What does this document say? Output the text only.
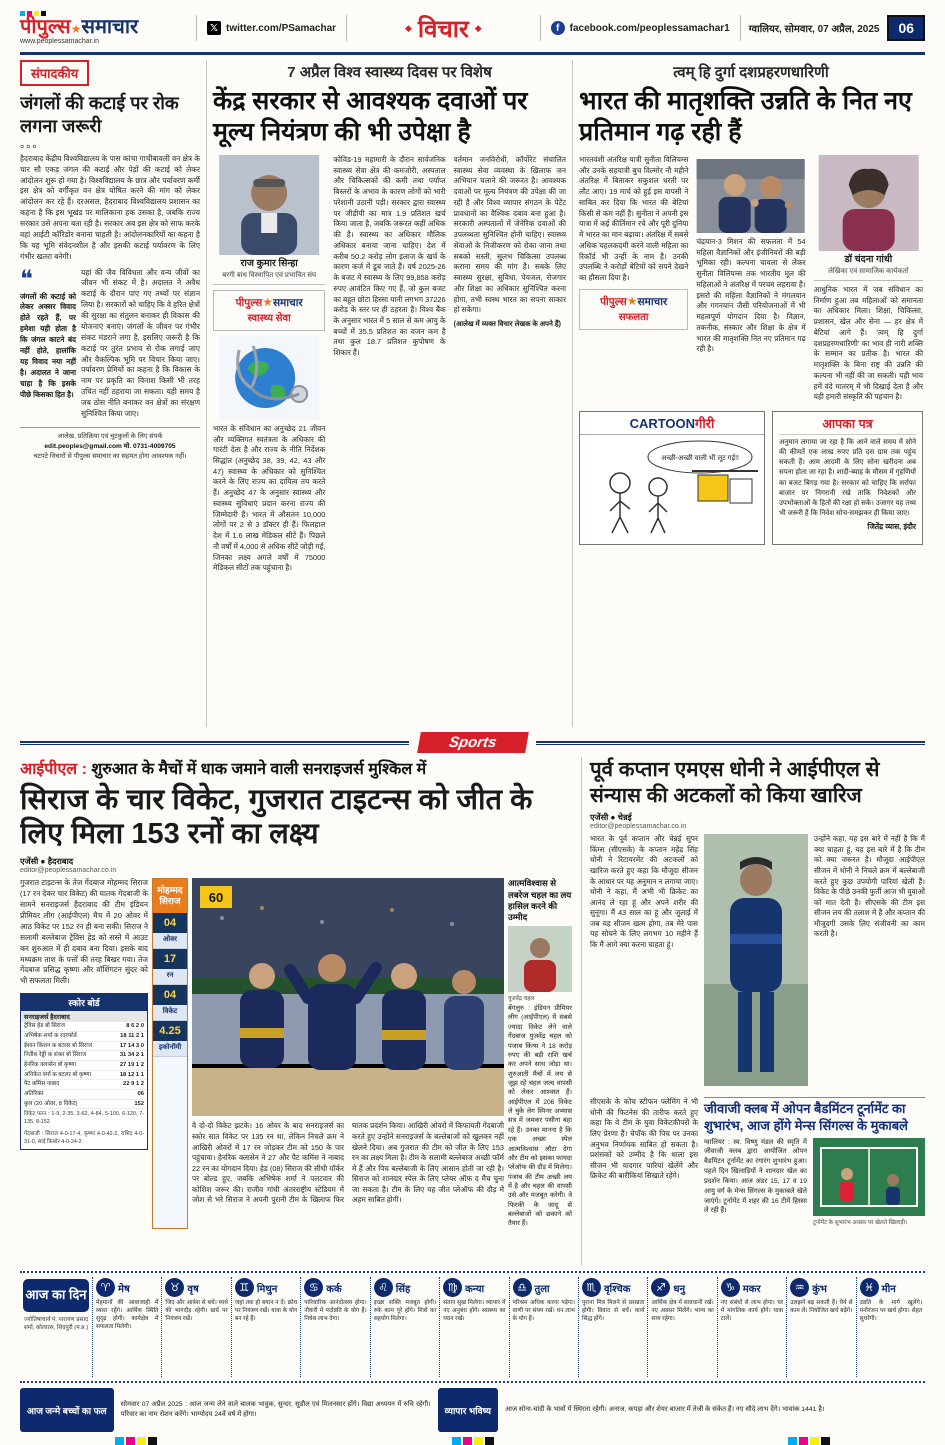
पीपुल्स★समाचार
www.peoplessamachar.in
𝕏 twitter.com/PSamachar	◆ विचार ◆	f	facebook.com/peoplessamachar1 ग्वालियर, सोमवार, 07 अप्रैल, 2025	06
संपादकीय
जंगलों की कटाई पर रोक लगना जरूरी
०००
हैदराबाद केंद्रीय विश्वविद्यालय के पास कांचा गाचीबावली वन क्षेत्र के चार सौ एकड़ जंगल की कटाई और पेड़ों की कटाई को लेकर आंदोलन शुरू हो गया है। विश्वविद्यालय के छात्र और पर्यावरण कर्मी इस क्षेत्र को वर्गीकृत वन क्षेत्र घोषित करने की मांग को लेकर आंदोलन कर रहे हैं। दरअसल, हैदराबाद विश्वविद्यालय प्रशासन का कहना है कि इस भूखंड पर मालिकाना हक उसका है, जबकि राज्य सरकार उसे अपना बता रही है। सरकार अब इस क्षेत्र को साफ करके वहां आईटी कॉरिडोर बनाना चाहती है। आंदोलनकारियों का कहना है कि यह भूमि संवेदनशील है और इसकी कटाई पर्यावरण के लिए गंभीर खतरा बनेगी।
❝
जंगलों की कटाई को लेकर अक्सर विवाद होते रहते हैं, पर हमेशा यही होता है कि जंगल काटने बंद नहीं होते, हालांकि यह विवाद नया नहीं है। अदालत ने जाना चाहा है कि इसके पीछे किसका हित है।
यहां की जैव विविधता और वन्य जीवों का जीवन भी संकट में है। अदालत ने अवैध कटाई के दौरान पाए गए तथ्यों पर संज्ञान लिया है। सरकारों को चाहिए कि वे हरित क्षेत्रों की सुरक्षा का संतुलन बनाकर ही विकास की योजनाएं बनाएं। जंगलों के जीवन पर गंभीर संकट मंडराने लगा है, इसलिए जरूरी है कि कटाई पर तुरंत प्रभाव से रोक लगाई जाए और वैकल्पिक भूमि पर विचार किया जाए। पर्यावरण प्रेमियों का कहना है कि विकास के नाम पर प्रकृति का विनाश किसी भी तरह उचित नहीं ठहराया जा सकता। यही समय है जब ठोस नीति बनाकर वन क्षेत्रों का संरक्षण सुनिश्चित किया जाए।
आलेख, प्रतिक्रिया एवं चुटकुलों के लिए संपर्क
edit.peoples@gmail.com मो. 0731-4009705
चटपटे विचारों से पीपुल्स समाचार का सहमत होना आवश्यक नहीं।
7 अप्रैल विश्व स्वास्थ्य दिवस पर विशेष
केंद्र सरकार से आवश्यक दवाओं पर मूल्य नियंत्रण की भी उपेक्षा है
राज कुमार सिन्हा
बरगी बांध विस्थापित एवं प्रभावित संघ
पीपुल्स★समाचार
स्वास्थ्य सेवा
भारत के संविधान का अनुच्छेद 21 जीवन और व्यक्तिगत स्वतंत्रता के अधिकार की गारंटी देता है और राज्य के नीति निर्देशक सिद्धांत (अनुच्छेद 38, 39, 42, 43 और 47) स्वास्थ्य के अधिकार को सुनिश्चित करने के लिए राज्य का दायित्व तय करते हैं। अनुच्छेद 47 के अनुसार स्वास्थ्य और स्वास्थ्य सुविधाएं प्रदान करना राज्य की जिम्मेदारी है। भारत में औसतन 10,000 लोगों पर 2 से 3 डॉक्टर ही हैं। फिलहाल देश में 1.6 लाख मेडिकल सीटें हैं। पिछले नौ वर्षों में 4,000 से अधिक सीटें जोड़ी गईं, जिनका लक्ष्य अगले वर्षों में 75000 मेडिकल सीटों तक पहुंचाना है।
कोविड-19 महामारी के दौरान सार्वजनिक स्वास्थ्य सेवा क्षेत्र की कमजोरी, अस्पताल और चिकित्सकों की कमी तथा पर्याप्त बिस्तरों के अभाव के कारण लोगों को भारी परेशानी उठानी पड़ी। सरकार द्वारा स्वास्थ्य पर जीडीपी का मात्र 1.9 प्रतिशत खर्च किया जाता है, जबकि जरूरत कहीं अधिक की है। स्वास्थ्य का अधिकार मौलिक अधिकार बनाया जाना चाहिए। देश में करीब 50.2 करोड़ लोग इलाज के खर्च के कारण कर्ज में डूब जाते हैं। वर्ष 2025-26 के बजट में स्वास्थ्य के लिए 99,858 करोड़ रुपए आवंटित किए गए हैं, जो कुल बजट का बहुत छोटा हिस्सा यानी लगभग 37226 करोड़ के स्तर पर ही ठहरता है। विश्व बैंक के अनुसार भारत में 5 साल से कम आयु के बच्चों में 35.5 प्रतिशत का वजन कम है तथा कुल 18.7 प्रतिशत कुपोषण के शिकार हैं।
वर्तमान जनविरोधी, कॉर्पोरेट संचालित स्वास्थ्य सेवा व्यवस्था के खिलाफ जन अभियान चलाने की जरूरत है। आवश्यक दवाओं पर मूल्य नियंत्रण की उपेक्षा की जा रही है और विश्व व्यापार संगठन के पेटेंट प्रावधानों का वैश्विक दबाव बना हुआ है। सरकारी अस्पतालों में जेनेरिक दवाओं की उपलब्धता सुनिश्चित होनी चाहिए। स्वास्थ्य सेवाओं के निजीकरण को रोका जाना तथा सबको सस्ती, सुलभ चिकित्सा उपलब्ध कराना समय की मांग है। सबके लिए स्वास्थ्य सुरक्षा, सुविधा, पेयजल, रोजगार और शिक्षा का अधिकार सुनिश्चित करना होगा, तभी स्वस्थ भारत का सपना साकार हो सकेगा।
(आलेख में व्यक्त विचार लेखक के अपने हैं)
त्वम् हि दुर्गा दशप्रहरणधारिणी
भारत की मातृशक्ति उन्नति के नित नए प्रतिमान गढ़ रही हैं
भारतवंशी अंतरिक्ष यात्री सुनीता विलियम्स और उनके सहयात्री बुच विल्मोर नौ महीने अंतरिक्ष में बिताकर सकुशल धरती पर लौट आए। 19 मार्च को हुई इस वापसी ने साबित कर दिया कि भारत की बेटियां किसी से कम नहीं हैं। सुनीता ने अपनी इस यात्रा में कई कीर्तिमान रचे और पूरी दुनिया में भारत का मान बढ़ाया। अंतरिक्ष में सबसे अधिक चहलकदमी करने वाली महिला का रिकॉर्ड भी उन्हीं के नाम है। उनकी उपलब्धि ने करोड़ों बेटियों को सपने देखने का हौसला दिया है।
पीपुल्स★समाचार
सफलता
चंद्रयान-3 मिशन की सफलता में 54 महिला वैज्ञानिकों और इंजीनियरों की बड़ी भूमिका रही। कल्पना चावला से लेकर सुनीता विलियम्स तक भारतीय मूल की महिलाओं ने अंतरिक्ष में परचम लहराया है। इसरो की महिला वैज्ञानिकों ने मंगलयान और गगनयान जैसी परियोजनाओं में भी महत्वपूर्ण योगदान दिया है। विज्ञान, तकनीक, संस्कार और शिक्षा के क्षेत्र में भारत की मातृशक्ति नित नए प्रतिमान गढ़ रही है।
डॉ चंदना गांधी
लेखिका एवं सामाजिक कार्यकर्ता
आधुनिक भारत में जब संविधान का निर्माण हुआ तब महिलाओं को समानता का अधिकार मिला। शिक्षा, चिकित्सा, प्रशासन, खेल और सेना — हर क्षेत्र में बेटियां आगे हैं। 'त्वम् हि दुर्गा दशप्रहरणधारिणी' का भाव ही नारी शक्ति के सम्मान का प्रतीक है। भारत की मातृशक्ति के बिना राष्ट्र की उन्नति की कल्पना भी नहीं की जा सकती। यही भाव हमें वंदे मातरम् में भी दिखाई देता है और यही हमारी संस्कृति की पहचान है।
CARTOONगीरी
अच्छी-अच्छी वाली भी लूट गई!!
आपका पत्र
अनुमान लगाया जा रहा है कि आने वाले समय में सोने की कीमतें एक लाख रुपए प्रति दस ग्राम तक पहुंच सकती हैं। आम आदमी के लिए सोना खरीदना अब सपना होता जा रहा है। शादी-ब्याह के मौसम में गृहणियों का बजट बिगड़ गया है। सरकार को चाहिए कि सर्राफा बाजार पर निगरानी रखे ताकि निवेशकों और उपभोक्ताओं के हितों की रक्षा हो सके। उजागर यह तथ्य भी जरूरी है कि निवेश सोच-समझकर ही किया जाए।
जितेंद्र व्यास, इंदौर
Sports
आईपीएल : शुरुआत के मैचों में धाक जमाने वाली सनराइजर्स मुश्किल में
सिराज के चार विकेट, गुजरात टाइटन्स को जीत के लिए मिला 153 रनों का लक्ष्य
एजेंसी ● हैदराबाद
editor@peoplessamachar.co.in
गुजरात टाइटन्स के तेज गेंदबाज मोहम्मद सिराज (17 रन देकर चार विकेट) की घातक गेंदबाजी के सामने सनराइजर्स हैदराबाद की टीम इंडियन प्रीमियर लीग (आईपीएल) मैच में 20 ओवर में आठ विकेट पर 152 रन ही बना सकी। सिराज ने सलामी बल्लेबाज ट्रेविस हेड को सस्ते में आउट कर शुरुआत में ही दबाव बना दिया। इसके बाद मध्यक्रम ताश के पत्तों की तरह बिखर गया। तेज गेंदबाज प्रसिद्ध कृष्णा और वॉशिंगटन सुंदर को भी सफलता मिली।
स्कोर बोर्ड
सनराइजर्स हैदराबाद
ट्रेविस हेड बो सिराज	8 6 2 0
अभिषेक शर्मा क रदरफोर्ड	18 11 2 1
ईशान किशन क बटलर बो सिराज	17 14 3 0
नितीश रेड्डी क शंकर बो सिराज	31 34 2 1
हेनरिक क्लासेन बो कृष्णा	27 19 1 2
अनिकेत वर्मा क बटलर बो कृष्णा	18 12 1 1
पैट कमिंस नाबाद	22 9 1 2
अतिरिक्त	06
कुल (20 ओवर, 8 विकेट)	152
विकेट पतन : 1-9, 2-35, 3-62, 4-84, 5-100, 6-120, 7-135, 8-152
गेंदबाजी : सिराज 4-0-17-4, कृष्णा 4-0-42-2, राशिद 4-0-31-0, साई किशोर 4-0-24-2
मोहम्मद सिराज
04
ओवर
17
रन
04
विकेट
4.25
इकोनॉमी
60
वे दो-दो विकेट झटके। 16 ओवर के बाद सनराइजर्स का स्कोर सात विकेट पर 135 रन था, लेकिन निचले क्रम ने आखिरी ओवरों में 17 रन जोड़कर टीम को 150 के पार पहुंचाया। हेनरिक क्लासेन ने 27 और पैट कमिंस ने नाबाद 22 रन का योगदान दिया। हेड (08) सिराज की सीधी यॉर्कर पर बोल्ड हुए, जबकि अभिषेक शर्मा ने पलटवार की कोशिश जरूर की। राजीव गांधी अंतरराष्ट्रीय स्टेडियम में जोश से भरे सिराज ने अपनी पुरानी टीम के खिलाफ फिर घातक प्रदर्शन किया। आखिरी ओवरों में किफायती गेंदबाजी करते हुए उन्होंने सनराइजर्स के बल्लेबाजों को खुलकर नहीं खेलने दिया। अब गुजरात की टीम को जीत के लिए 153 रन का लक्ष्य मिला है। टीम के सलामी बल्लेबाज अच्छी फॉर्म में हैं और पिच बल्लेबाजी के लिए आसान होती जा रही है। सिराज को शानदार स्पेल के लिए प्लेयर ऑफ द मैच चुना जा सकता है। टीम के लिए यह जीत प्लेऑफ की दौड़ में अहम साबित होगी।
आत्मविश्वास से लबरेज चहल का लय हासिल करने की उम्मीद
युजवेंद्र चहल
बेंगलुरु : इंडियन प्रीमियर लीग (आईपीएल) में सबसे ज्यादा विकेट लेने वाले गेंदबाज युजवेंद्र चहल को पंजाब किंग्स ने 18 करोड़ रुपए की बड़ी राशि खर्च कर अपने साथ जोड़ा था। शुरुआती मैचों में लय से जूझ रहे चहल जल्द वापसी को लेकर आश्वस्त हैं। आईपीएल में 206 विकेट ले चुके लेग स्पिनर अभ्यास सत्र में जमकर पसीना बहा रहे हैं। उनका मानना है कि एक अच्छा स्पेल आत्मविश्वास लौटा देगा और टीम को इसका फायदा प्लेऑफ की दौड़ में मिलेगा। पंजाब की टीम अच्छी लय में है और चहल की वापसी उसे और मजबूत करेगी। वे फिरकी के जादू से बल्लेबाजों को छकाने को तैयार हैं।
पूर्व कप्तान एमएस धोनी ने आईपीएल से संन्यास की अटकलों को किया खारिज
एजेंसी ● चेन्नई
editor@peoplessamachar.co.in
भारत के पूर्व कप्तान और चेन्नई सुपर किंग्स (सीएसके) के कप्तान महेंद्र सिंह धोनी ने रिटायरमेंट की अटकलों को खारिज करते हुए कहा कि मौजूदा सीजन के आधार पर यह अनुमान न लगाया जाए। धोनी ने कहा, मैं अभी भी क्रिकेट का आनंद ले रहा हूं और अपने शरीर की सुनूंगा। मैं 43 साल का हूं और जुलाई में जब यह सीजन खत्म होगा, तब मेरे पास यह सोचने के लिए लगभग 10 महीने हैं कि मैं आगे क्या करना चाहता हूं।
उन्होंने कहा, यह इस बारे में नहीं है कि मैं क्या चाहता हूं, यह इस बारे में है कि टीम को क्या जरूरत है। मौजूदा आईपीएल सीजन में धोनी ने निचले क्रम में बल्लेबाजी करते हुए कुछ उपयोगी पारियां खेली हैं। विकेट के पीछे उनकी फुर्ती आज भी युवाओं को मात देती है। सीएसके की टीम इस सीजन लय की तलाश में है और कप्तान की मौजूदगी उसके लिए संजीवनी का काम करती है।
सीएसके के कोच स्टीफन फ्लेमिंग ने भी धोनी की फिटनेस की तारीफ करते हुए कहा कि वे टीम के युवा विकेटकीपरों के लिए प्रेरणा हैं। चेपॉक की पिच पर उनका अनुभव निर्णायक साबित हो सकता है। प्रशंसकों को उम्मीद है कि थाला इस सीजन भी यादगार पारियां खेलेंगे और क्रिकेट की बारीकियां सिखाते रहेंगे।
जीवाजी क्लब में ओपन बैडमिंटन टूर्नामेंट का शुभारंभ, आज होंगे मेन्स सिंगल्स के मुकाबले
ग्वालियर : स्व. विष्णु मंडल की स्मृति में जीवाजी क्लब द्वारा आयोजित ओपन बैडमिंटन टूर्नामेंट का रंगारंग शुभारंभ हुआ। पहले दिन खिलाड़ियों ने शानदार खेल का प्रदर्शन किया। आज अंडर 15, 17 व 19 आयु वर्ग के मेन्स सिंगल्स के मुकाबले खेले जाएंगे। टूर्नामेंट में शहर की 16 टीमें हिस्सा ले रही हैं।
टूर्नामेंट के शुभारंभ अवसर पर खेलते खिलाड़ी।
आज का दिन
ज्योतिषाचार्य पं. नारायण प्रसाद शर्मा, कोलारस, शिवपुरी (म.प्र.)
♈ मेष
मेहमानों की आवाजाही में व्यस्त रहेंगे। आर्थिक स्थिति सुदृढ़ होगी। कार्यक्षेत्र में सफलता मिलेगी।
♉ वृष
जिद और आवेश से बचें। व्यर्थ की भागदौड़ रहेगी। खर्च पर नियंत्रण रखें।
♊ मिथुन
जहां तक हो बयान न दें। क्रोध पर नियंत्रण रखें। यात्रा के योग बन रहे हैं।
♋ कर्क
पारिवारिक आनंदोत्सव होगा। नौकरी में पदोन्नति के योग हैं। निवेश लाभ देगा।
♌ सिंह
इच्छा शक्ति मजबूत होगी। रुके काम पूरे होंगे। मित्रों का सहयोग मिलेगा।
♍ कन्या
संतान सुख मिलेगा। व्यापार में नए अनुबंध होंगे। स्वास्थ्य का ध्यान रखें।
♎ तुला
परिश्रम अधिक करना पड़ेगा। वाणी पर संयम रखें। धन लाभ के योग हैं।
♏ वृश्चिक
पुराना मित्र मिलने से प्रसन्नता होगी। विवाद से बचें। कार्य सिद्ध होंगे।
♐ धनु
आर्थिक क्षेत्र में सावधानी रखें। नए अवसर मिलेंगे। भाग्य का साथ रहेगा।
♑ मकर
नए संबंधों से लाभ होगा। घर में मांगलिक कार्य होंगे। यात्रा टालें।
♒ कुंभ
उलझनें बढ़ सकती हैं। धैर्य से काम लें। नियोजित खर्च बढ़ेंगे।
♓ मीन
उन्नति के मार्ग खुलेंगे। मनोरंजन पर खर्च होगा। सेहत सुधरेगी।
आज जन्मे बच्चों का फल
सोमवार 07 अप्रैल 2025 : आज जन्म लेने वाले बालक भावुक, सुन्दर, सुडौल एवं मिलनसार होंगे। विद्या अध्ययन में रुचि रहेगी। परिवार का नाम रोशन करेंगे। भाग्योदय 24वें वर्ष में होगा।	व्यापार भविष्य	आज सोना-चांदी के भावों में स्थिरता रहेगी। अनाज, कपड़ा और शेयर बाजार में तेजी के संकेत हैं। नए सौदे लाभ देंगे। भावांक 1441 है।
